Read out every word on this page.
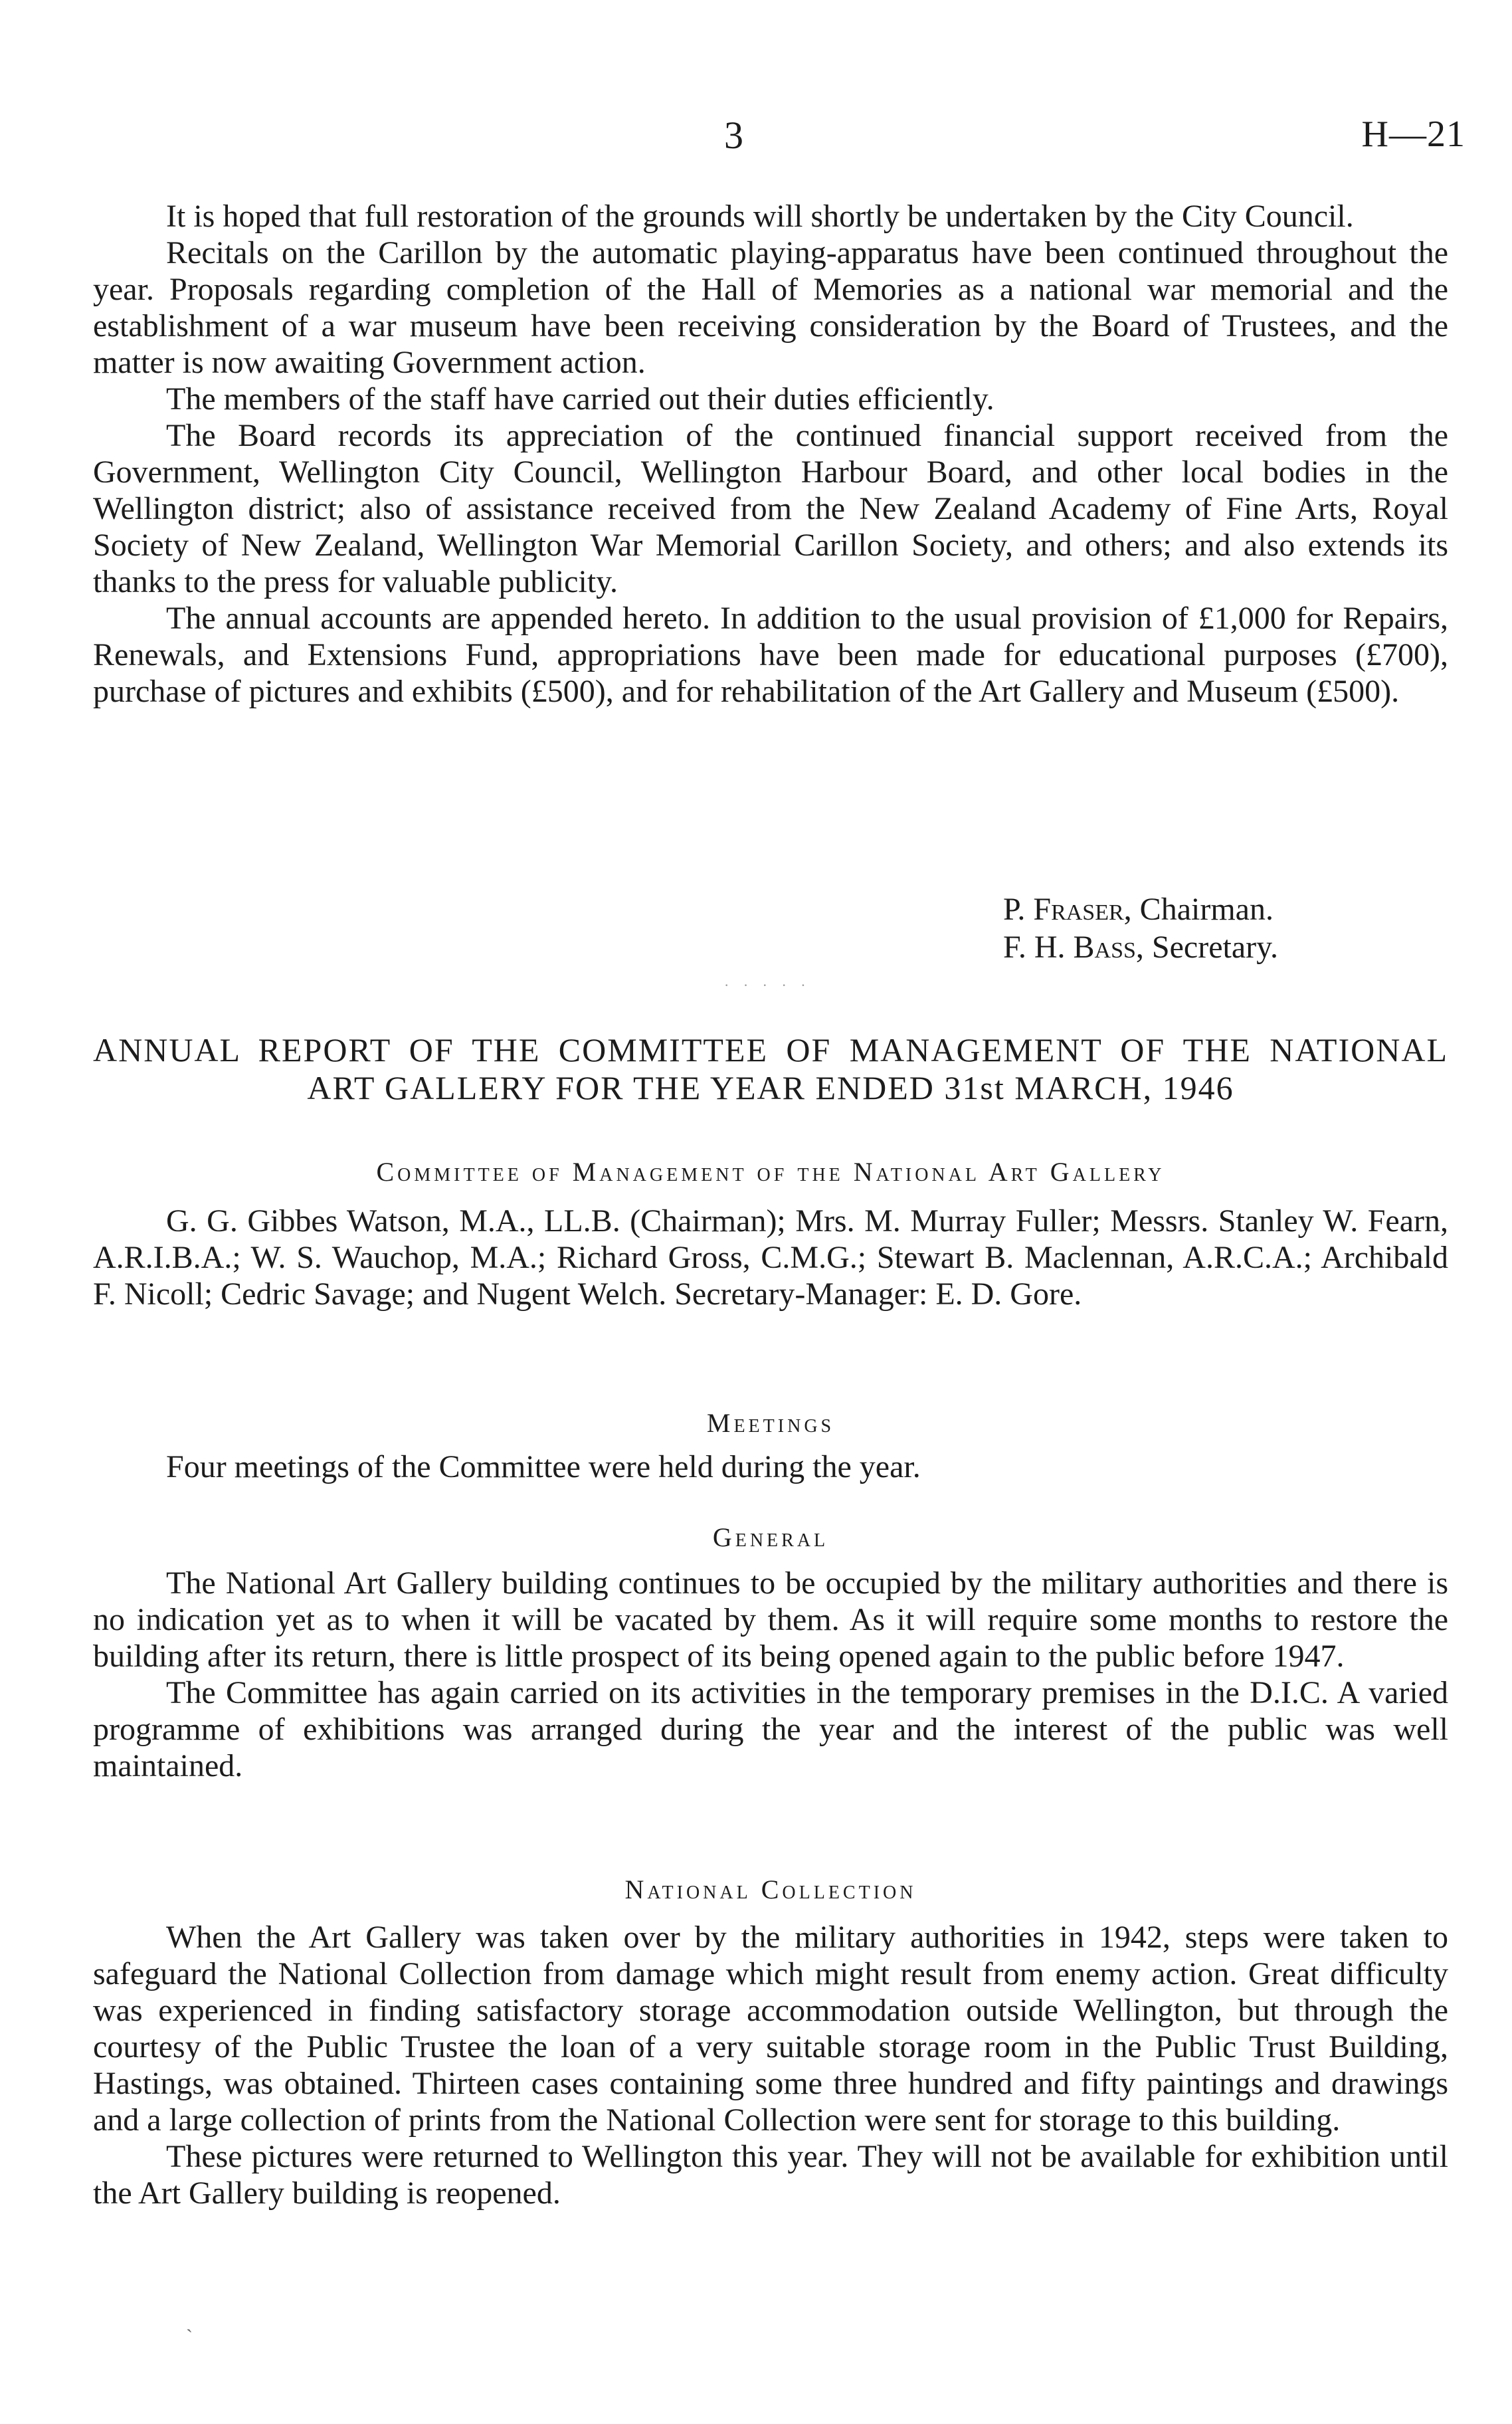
3	H—21

It is hoped that full restoration of the grounds will shortly be undertaken by the City Council.

Recitals on the Carillon by the automatic playing-apparatus have been continued throughout the year. Proposals regarding completion of the Hall of Memories as a national war memorial and the establishment of a war museum have been receiving consideration by the Board of Trustees, and the matter is now awaiting Government action.

The members of the staff have carried out their duties efficiently.

The Board records its appreciation of the continued financial support received from the Government, Wellington City Council, Wellington Harbour Board, and other local bodies in the Wellington district; also of assistance received from the New Zealand Academy of Fine Arts, Royal Society of New Zealand, Wellington War Memorial Carillon Society, and others; and also extends its thanks to the press for valuable publicity.

The annual accounts are appended hereto. In addition to the usual provision of £1,000 for Repairs, Renewals, and Extensions Fund, appropriations have been made for educational purposes (£700), purchase of pictures and exhibits (£500), and for rehabilitation of the Art Gallery and Museum (£500).

P. Fraser, Chairman.
F. H. Bass, Secretary.
· · · · ·
ANNUAL REPORT OF THE COMMITTEE OF MANAGEMENT OF THE NATIONAL
ART GALLERY FOR THE YEAR ENDED 31st MARCH, 1946
Committee of Management of the National Art Gallery

G. G. Gibbes Watson, M.A., LL.B. (Chairman); Mrs. M. Murray Fuller; Messrs. Stanley W. Fearn, A.R.I.B.A.; W. S. Wauchop, M.A.; Richard Gross, C.M.G.; Stewart B. Maclennan, A.R.C.A.; Archibald F. Nicoll; Cedric Savage; and Nugent Welch. Secretary-Manager: E. D. Gore.

Meetings

Four meetings of the Committee were held during the year.

General

The National Art Gallery building continues to be occupied by the military authorities and there is no indication yet as to when it will be vacated by them. As it will require some months to restore the building after its return, there is little prospect of its being opened again to the public before 1947.

The Committee has again carried on its activities in the temporary premises in the D.I.C. A varied programme of exhibitions was arranged during the year and the interest of the public was well maintained.

National Collection

When the Art Gallery was taken over by the military authorities in 1942, steps were taken to safeguard the National Collection from damage which might result from enemy action. Great difficulty was experienced in finding satisfactory storage accommodation outside Wellington, but through the courtesy of the Public Trustee the loan of a very suitable storage room in the Public Trust Building, Hastings, was obtained. Thirteen cases containing some three hundred and fifty paintings and drawings and a large collection of prints from the National Collection were sent for storage to this building.

These pictures were returned to Wellington this year. They will not be available for exhibition until the Art Gallery building is reopened.

ˋ
